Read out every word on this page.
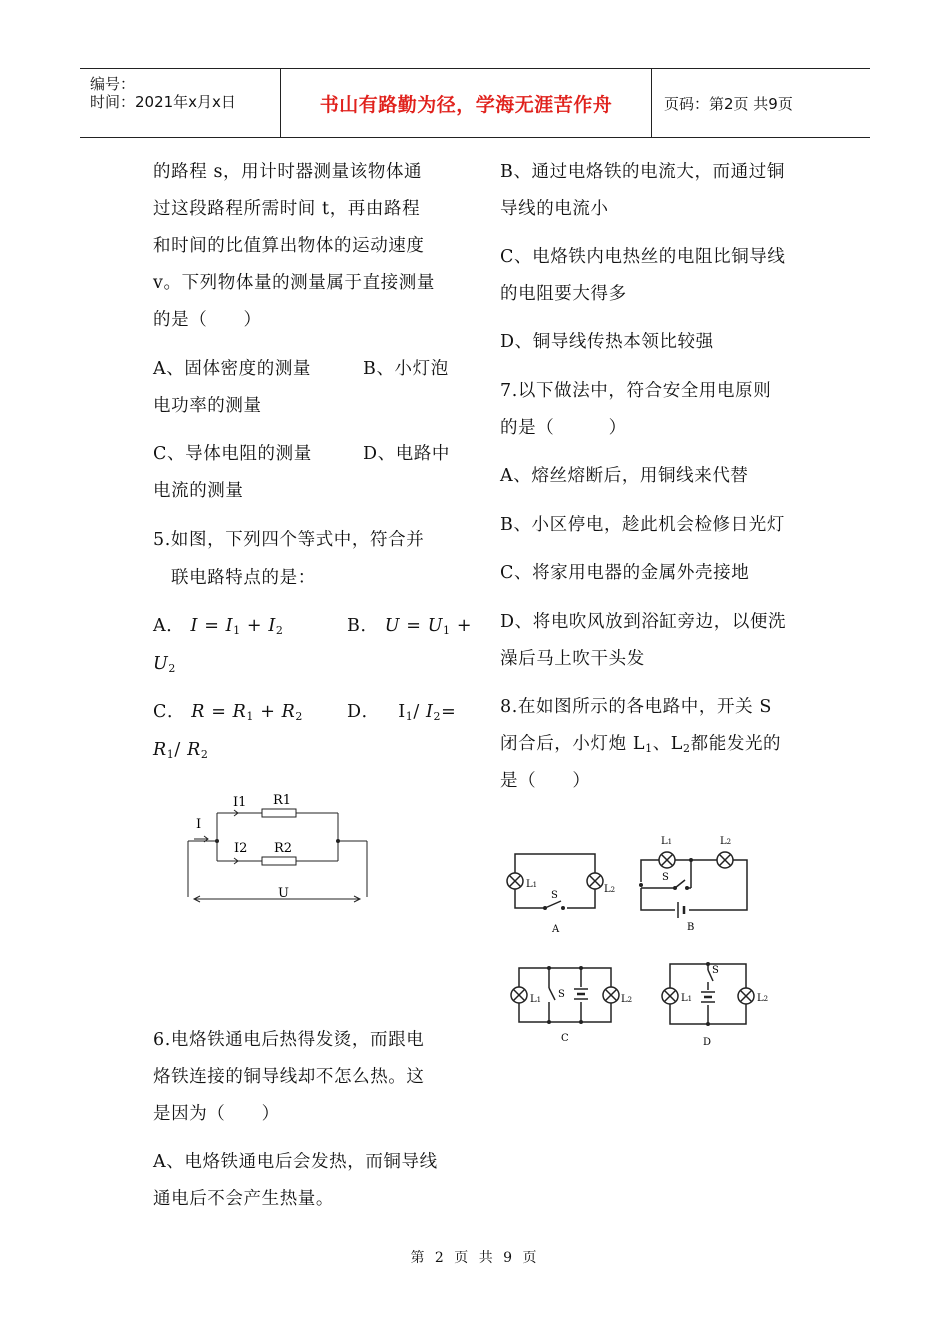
编号：
时间：2021年x月x日	书山有路勤为径，学海无涯苦作舟	页码：第2页 共9页
的路程 s，用计时器测量该物体通
过这段路程所需时间 t，再由路程
和时间的比值算出物体的运动速度
v。下列物体量的测量属于直接测量
的是（　　）
A、固体密度的测量	B、小灯泡
电功率的测量
C、导体电阻的测量	D、电路中
电流的测量
5.如图，下列四个等式中，符合并
联电路特点的是：
A． $I = I_1 + I_2$	B． $U = U_1$ +
$U_2$
C． $R = R_1 + R_2$	D．   $I_1/$ $I_2=$
$R_1/$ $R_2$
I1 R1
I
I2 R2
U
6.电烙铁通电后热得发烫，而跟电
烙铁连接的铜导线却不怎么热。这
是因为（　　）
A、电烙铁通电后会发热，而铜导线
通电后不会产生热量。
B、通过电烙铁的电流大，而通过铜
导线的电流小
C、电烙铁内电热丝的电阻比铜导线
的电阻要大得多
D、铜导线传热本领比较强
7.以下做法中，符合安全用电原则
的是（　　　）
A、熔丝熔断后，用铜线来代替
B、小区停电，趁此机会检修日光灯
C、将家用电器的金属外壳接地
D、将电吹风放到浴缸旁边，以便洗
澡后马上吹干头发
8.在如图所示的各电路中，开关 S
闭合后，小灯炮 $L_1$、$L_2$都能发光的
是（　　）
L1	L2
S
A
L1	L2
S
B
L1	L2
S
C
L1	L2
S
D
第 2 页 共 9 页
